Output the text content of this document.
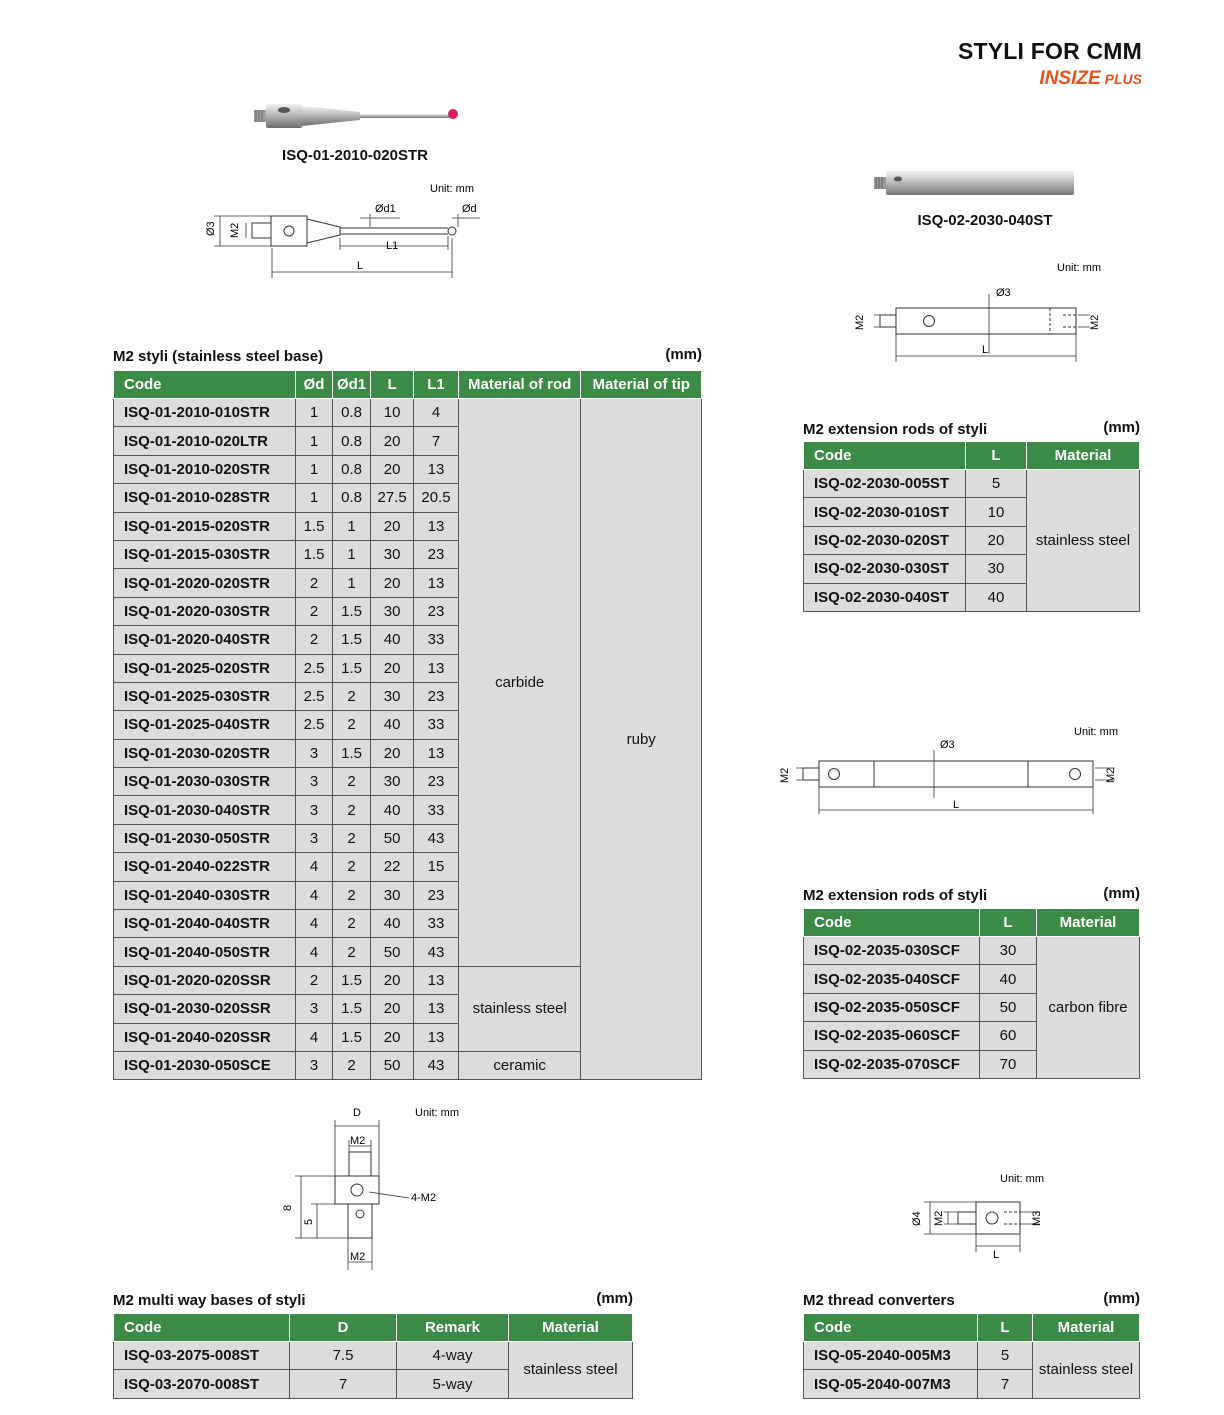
STYLI FOR CMM
INSIZE PLUS
ISQ-01-2010-020STR
Unit: mm
Ø3 M2
Ød1	Ød
L1
L
ISQ-02-2030-040ST
Unit: mm
M2
Ø3
M2
L
Unit: mm
M2
Ø3
M2
L
Unit: mm
D
M2
4-M2
8
5
M2
Unit: mm
Ø4 M2	M3
L
M2 styli (stainless steel base)	(mm)
Code	Ød	Ød1	L	L1	Material of rod	Material of tip
ISQ-01-2010-010STR	1	0.8	10	4	carbide	ruby
ISQ-01-2010-020LTR	1	0.8	20	7		
ISQ-01-2010-020STR	1	0.8	20	13		
ISQ-01-2010-028STR	1	0.8	27.5	20.5		
ISQ-01-2015-020STR	1.5	1	20	13		
ISQ-01-2015-030STR	1.5	1	30	23		
ISQ-01-2020-020STR	2	1	20	13		
ISQ-01-2020-030STR	2	1.5	30	23		
ISQ-01-2020-040STR	2	1.5	40	33		
ISQ-01-2025-020STR	2.5	1.5	20	13		
ISQ-01-2025-030STR	2.5	2	30	23		
ISQ-01-2025-040STR	2.5	2	40	33		
ISQ-01-2030-020STR	3	1.5	20	13		
ISQ-01-2030-030STR	3	2	30	23		
ISQ-01-2030-040STR	3	2	40	33		
ISQ-01-2030-050STR	3	2	50	43		
ISQ-01-2040-022STR	4	2	22	15		
ISQ-01-2040-030STR	4	2	30	23		
ISQ-01-2040-040STR	4	2	40	33		
ISQ-01-2040-050STR	4	2	50	43		
ISQ-01-2020-020SSR	2	1.5	20	13	stainless steel	
ISQ-01-2030-020SSR	3	1.5	20	13		
ISQ-01-2040-020SSR	4	1.5	20	13		
ISQ-01-2030-050SCE	3	2	50	43	ceramic	
M2 extension rods of styli	(mm)
Code	L	Material
ISQ-02-2030-005ST	5	stainless steel
ISQ-02-2030-010ST	10	
ISQ-02-2030-020ST	20	
ISQ-02-2030-030ST	30	
ISQ-02-2030-040ST	40	
M2 extension rods of styli	(mm)
Code	L	Material
ISQ-02-2035-030SCF	30	carbon fibre
ISQ-02-2035-040SCF	40	
ISQ-02-2035-050SCF	50	
ISQ-02-2035-060SCF	60	
ISQ-02-2035-070SCF	70	
M2 multi way bases of styli	(mm)
Code	D	Remark	Material
ISQ-03-2075-008ST	7.5	4-way	stainless steel
ISQ-03-2070-008ST	7	5-way	
M2 thread converters	(mm)
Code	L	Material
ISQ-05-2040-005M3	5	stainless steel
ISQ-05-2040-007M3	7	
